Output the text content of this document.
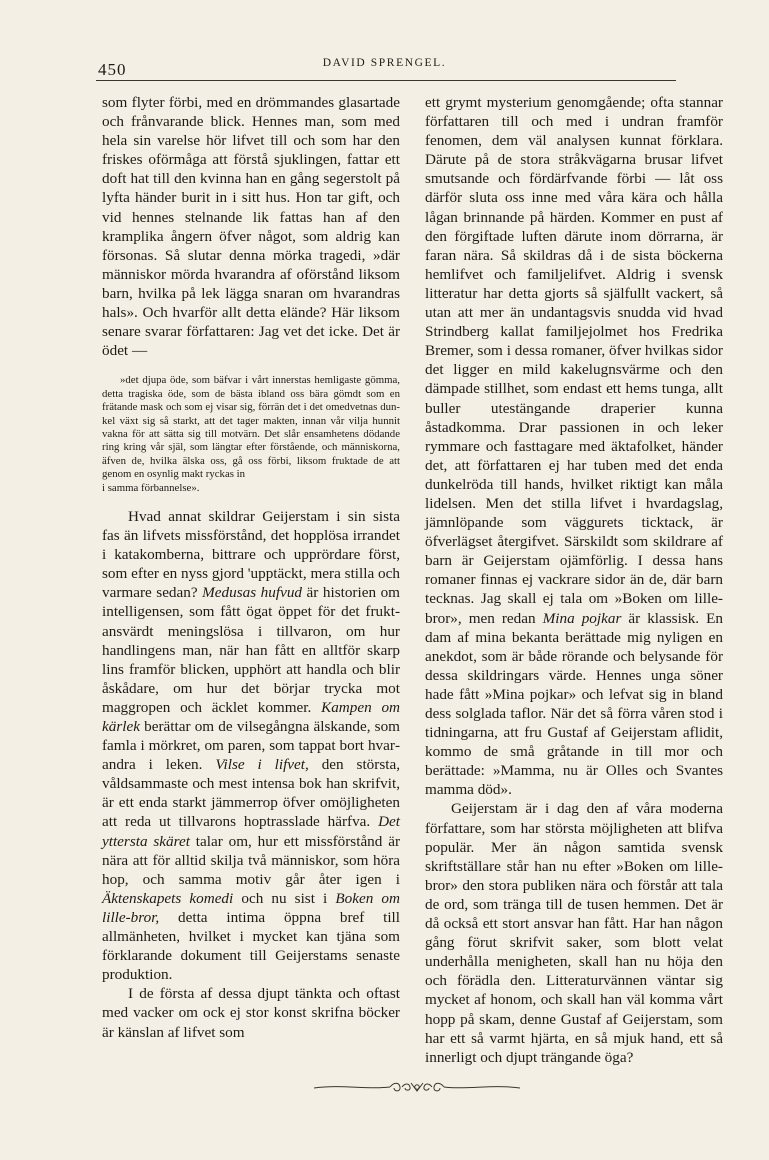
450	DAVID SPRENGEL.

som flyter förbi, med en drömmandes glasartade och frånvarande blick. Hennes man, som med hela sin varelse hör lifvet till och som har den friskes oförmåga att förstå sjuklingen, fattar ett doft hat till den kvinna han en gång segerstolt på lyfta händer burit in i sitt hus. Hon tar gift, och vid hennes stelnande lik fattas han af den kramplika ångern öfver något, som aldrig kan försonas. Så slutar denna mörka tragedi, »där människor mörda hvarandra af oförstånd liksom barn, hvilka på lek lägga snaran om hvarandras hals». Och hvarför allt detta elände? Här liksom senare svarar författaren: Jag vet det icke. Det är ödet —

»det djupa öde, som bäfvar i vårt innerstas hemligaste gömma, detta tragiska öde, som de bästa ibland oss bära gömdt som en frätande mask och som ej visar sig, förrän det i det omedvetnas dunkel växt sig så starkt, att det tager makten, innan vår vilja hunnit vakna för att sätta sig till motvärn. Det slår ensamhetens dödande ring kring vår själ, som längtar efter förstående, och människorna, äfven de, hvilka älska oss, gå oss förbi, liksom fruktade de att genom en osynlig makt ryckas in
i samma förbannelse».

Hvad annat skildrar Geijerstam i sin sista fas än lifvets missförstånd, det hopplösa irrandet i katakomberna, bittrare och upprördare först, som efter en nyss gjord 'upptäckt, mera stilla och varmare sedan? Medusas hufvud är historien om intelligensen, som fått ögat öppet för det fruktansvärdt meningslösa i tillvaron, om hur handlingens man, när han fått en alltför skarp lins framför blicken, upphört att handla och blir åskådare, om hur det börjar trycka mot maggropen och äcklet kommer. Kampen om kärlek berättar om de vilsegångna älskande, som famla i mörkret, om paren, som tappat bort hvarandra i leken. Vilse i lifvet, den största, våldsammaste och mest intensa bok han skrifvit, är ett enda starkt jämmerrop öfver omöjligheten att reda ut tillvarons hoptrasslade härfva. Det yttersta skäret talar om, hur ett missförstånd är nära att för alltid skilja två människor, som höra hop, och samma motiv går åter igen i Äktenskapets komedi och nu sist i Boken om lille-bror, detta intima öppna bref till allmänheten, hvilket i mycket kan tjäna som förklarande dokument till Geijerstams senaste produktion.

I de första af dessa djupt tänkta och oftast med vacker om ock ej stor konst skrifna böcker är känslan af lifvet som

ett grymt mysterium genomgående; ofta stannar författaren till och med i undran framför fenomen, dem väl analysen kunnat förklara. Därute på de stora stråkvägarna brusar lifvet smutsande och fördärfvande förbi — låt oss därför sluta oss inne med våra kära och hålla lågan brinnande på härden. Kommer en pust af den förgiftade luften därute inom dörrarna, är faran nära. Så skildras då i de sista böckerna hemlifvet och familjelifvet. Aldrig i svensk litteratur har detta gjorts så själfullt vackert, så utan att mer än undantagsvis snudda vid hvad Strindberg kallat familjejolmet hos Fredrika Bremer, som i dessa romaner, öfver hvilkas sidor det ligger en mild kakelugnsvärme och den dämpade stillhet, som endast ett hems tunga, allt buller utestängande draperier kunna åstadkomma. Drar passionen in och leker rymmare och fasttagare med äktafolket, händer det, att författaren ej har tuben med det enda dunkelröda till hands, hvilket riktigt kan måla lidelsen. Men det stilla lifvet i hvardagslag, jämnlöpande som väggurets ticktack, är öfverlägset återgifvet. Särskildt som skildrare af barn är Geijerstam ojämförlig. I dessa hans romaner finnas ej vackrare sidor än de, där barn tecknas. Jag skall ej tala om »Boken om lille-bror», men redan Mina pojkar är klassisk. En dam af mina bekanta berättade mig nyligen en anekdot, som är både rörande och belysande för dessa skildringars värde. Hennes unga söner hade fått »Mina pojkar» och lefvat sig in bland dess solglada taflor. När det så förra våren stod i tidningarna, att fru Gustaf af Geijerstam aflidit, kommo de små gråtande in till mor och berättade: »Mamma, nu är Olles och Svantes mamma död».

Geijerstam är i dag den af våra moderna författare, som har största möjligheten att blifva populär. Mer än någon samtida svensk skriftställare står han nu efter »Boken om lille-bror» den stora publiken nära och förstår att tala de ord, som tränga till de tusen hemmen. Det är då också ett stort ansvar han fått. Har han någon gång förut skrifvit saker, som blott velat underhålla menigheten, skall han nu höja den och förädla den. Litteraturvännen väntar sig mycket af honom, och skall han väl komma vårt hopp på skam, denne Gustaf af Geijerstam, som har ett så varmt hjärta, en så mjuk hand, ett så innerligt och djupt trängande öga?
